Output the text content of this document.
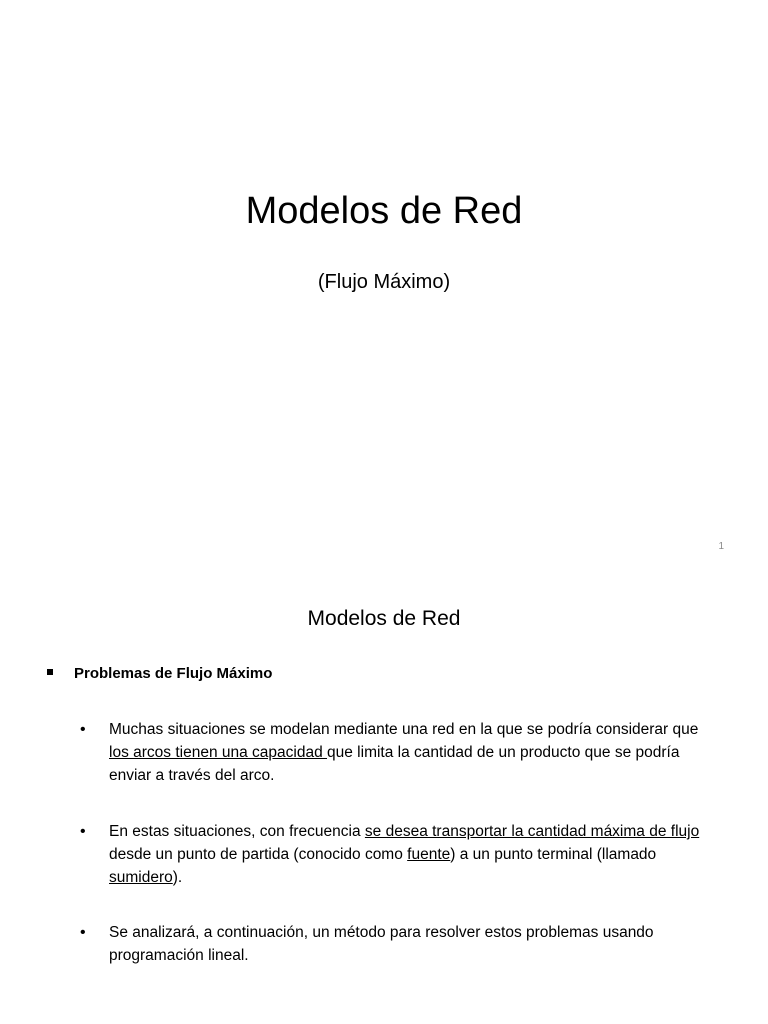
Modelos de Red
(Flujo Máximo)
1
Modelos de Red
Problemas de Flujo Máximo
• Muchas situaciones se modelan mediante una red en la que se podría considerar que los arcos tienen una capacidad que limita la cantidad de un producto que se podría enviar a través del arco.
• En estas situaciones, con frecuencia se desea transportar la cantidad máxima de flujo desde un punto de partida (conocido como fuente) a un punto terminal (llamado sumidero).
• Se analizará, a continuación, un método para resolver estos problemas usando programación lineal.
